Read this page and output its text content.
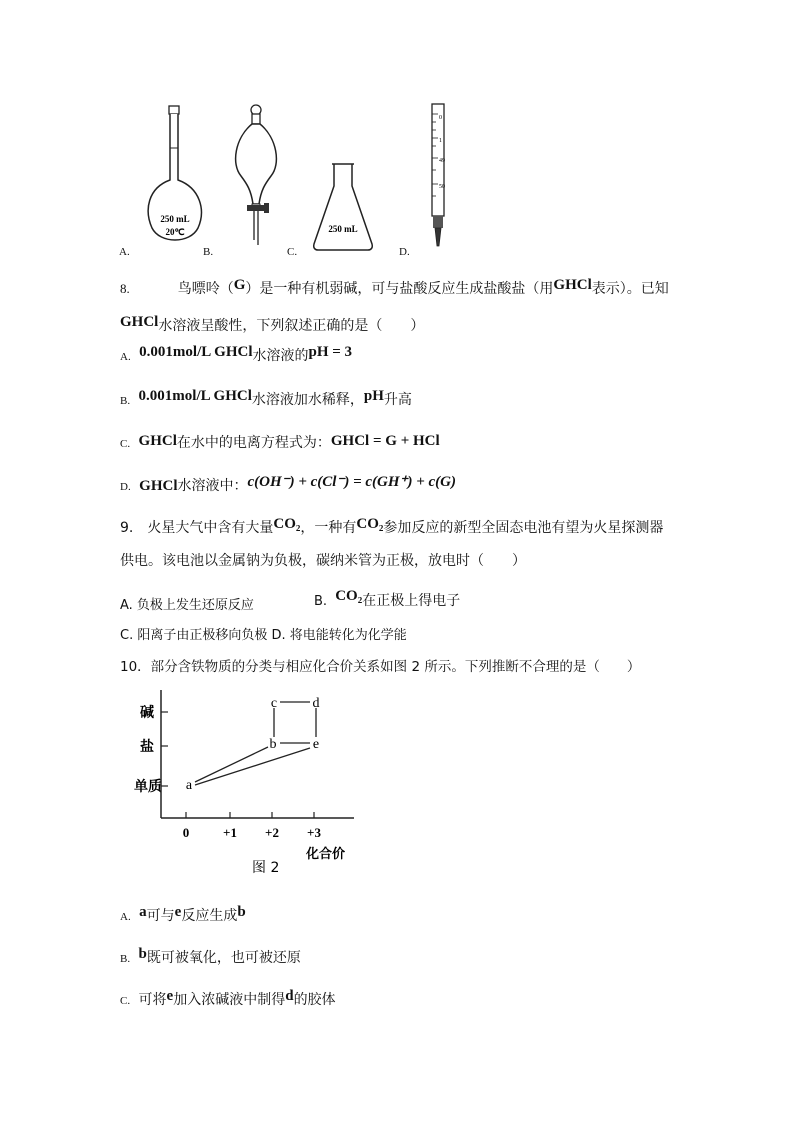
250 mL
20℃
A.	B.
250 mL
C.
0
1
49
50
D.
8.	鸟嘌呤（G）是一种有机弱碱，可与盐酸反应生成盐酸盐（用GHCl表示）。已知
GHCl水溶液呈酸性，下列叙述正确的是（　　）
A. 0.001mol/L GHCl水溶液的pH = 3
B. 0.001mol/L GHCl水溶液加水稀释，pH升高
C. GHCl在水中的电离方程式为：GHCl = G + HCl
D. GHCl水溶液中：c(OH⁻) + c(Cl⁻) = c(GH⁺) + c(G)
9. 火星大气中含有大量CO₂，一种有CO₂参加反应的新型全固态电池有望为火星探测器
供电。该电池以金属钠为负极，碳纳米管为正极，放电时（　　）
A. 负极上发生还原反应	B. CO₂在正极上得电子
C. 阳离子由正极移向负极 D. 将电能转化为化学能
10．部分含铁物质的分类与相应化合价关系如图 2 所示。下列推断不合理的是（　　）
碱
盐
单质
0	+1 +2 +3
化合价
图 2
c	d
b	e
a
A. a可与e反应生成b
B. b既可被氧化，也可被还原
C. 可将e加入浓碱液中制得d的胶体
